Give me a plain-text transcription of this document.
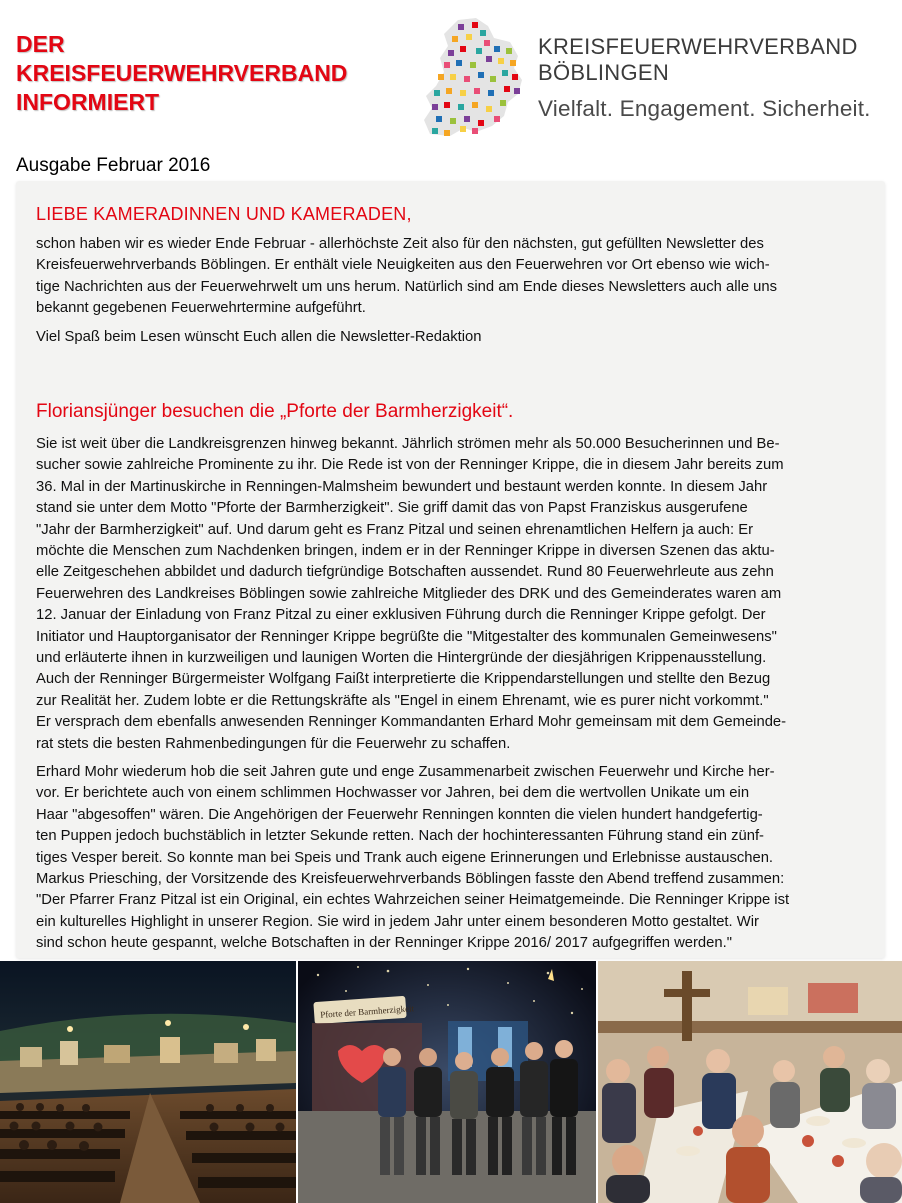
DER
KREISFEUERWEHRVERBAND
INFORMIERT
KREISFEUERWEHRVERBAND
BÖBLINGEN
Vielfalt. Engagement. Sicherheit.
Ausgabe Februar 2016
LIEBE KAMERADINNEN UND KAMERADEN,
schon haben wir es wieder Ende Februar - allerhöchste Zeit also für den nächsten, gut gefüllten Newsletter des
Kreisfeuerwehrverbands Böblingen. Er enthält viele Neuigkeiten aus den Feuerwehren vor Ort ebenso wie wich-
tige Nachrichten aus der Feuerwehrwelt um uns herum. Natürlich sind am Ende dieses Newsletters auch alle uns
bekannt gegebenen Feuerwehrtermine aufgeführt.
Viel Spaß beim Lesen wünscht Euch allen die Newsletter-Redaktion
Floriansjünger besuchen die „Pforte der Barmherzigkeit“.
Sie ist weit über die Landkreisgrenzen hinweg bekannt. Jährlich strömen mehr als 50.000 Besucherinnen und Be-
sucher sowie zahlreiche Prominente zu ihr. Die Rede ist von der Renninger Krippe, die in diesem Jahr bereits zum
36. Mal in der Martinuskirche in Renningen-Malmsheim bewundert und bestaunt werden konnte. In diesem Jahr
stand sie unter dem Motto "Pforte der Barmherzigkeit". Sie griff damit das von Papst Franziskus ausgerufene
"Jahr der Barmherzigkeit" auf. Und darum geht es Franz Pitzal und seinen ehrenamtlichen Helfern ja auch: Er
möchte die Menschen zum Nachdenken bringen, indem er in der Renninger Krippe in diversen Szenen das aktu-
elle Zeitgeschehen abbildet und dadurch tiefgründige Botschaften aussendet. Rund 80 Feuerwehrleute aus zehn
Feuerwehren des Landkreises Böblingen sowie zahlreiche Mitglieder des DRK und des Gemeinderates waren am
12. Januar der Einladung von Franz Pitzal zu einer exklusiven Führung durch die Renninger Krippe gefolgt. Der
Initiator und Hauptorganisator der Renninger Krippe begrüßte die "Mitgestalter des kommunalen Gemeinwesens"
und erläuterte ihnen in kurzweiligen und launigen Worten die Hintergründe der diesjährigen Krippenausstellung.
Auch der Renninger Bürgermeister Wolfgang Faißt interpretierte die Krippendarstellungen und stellte den Bezug
zur Realität her. Zudem lobte er die Rettungskräfte als "Engel in einem Ehrenamt, wie es purer nicht vorkommt."
Er versprach dem ebenfalls anwesenden Renninger Kommandanten Erhard Mohr gemeinsam mit dem Gemeinde-
rat stets die besten Rahmenbedingungen für die Feuerwehr zu schaffen.
Erhard Mohr wiederum hob die seit Jahren gute und enge Zusammenarbeit zwischen Feuerwehr und Kirche her-
vor. Er berichtete auch von einem schlimmen Hochwasser vor Jahren, bei dem die wertvollen Unikate um ein
Haar "abgesoffen" wären. Die Angehörigen der Feuerwehr Renningen konnten die vielen hundert handgefertig-
ten Puppen jedoch buchstäblich in letzter Sekunde retten. Nach der hochinteressanten Führung stand ein zünf-
tiges Vesper bereit. So konnte man bei Speis und Trank auch eigene Erinnerungen und Erlebnisse austauschen.
Markus Priesching, der Vorsitzende des Kreisfeuerwehrverbands Böblingen fasste den Abend treffend zusammen:
"Der Pfarrer Franz Pitzal ist ein Original, ein echtes Wahrzeichen seiner Heimatgemeinde. Die Renninger Krippe ist
ein kulturelles Highlight in unserer Region. Sie wird in jedem Jahr unter einem besonderen Motto gestaltet. Wir
sind schon heute gespannt, welche Botschaften in der Renninger Krippe 2016/ 2017 aufgegriffen werden."
Pforte der Barmherzigkeit
